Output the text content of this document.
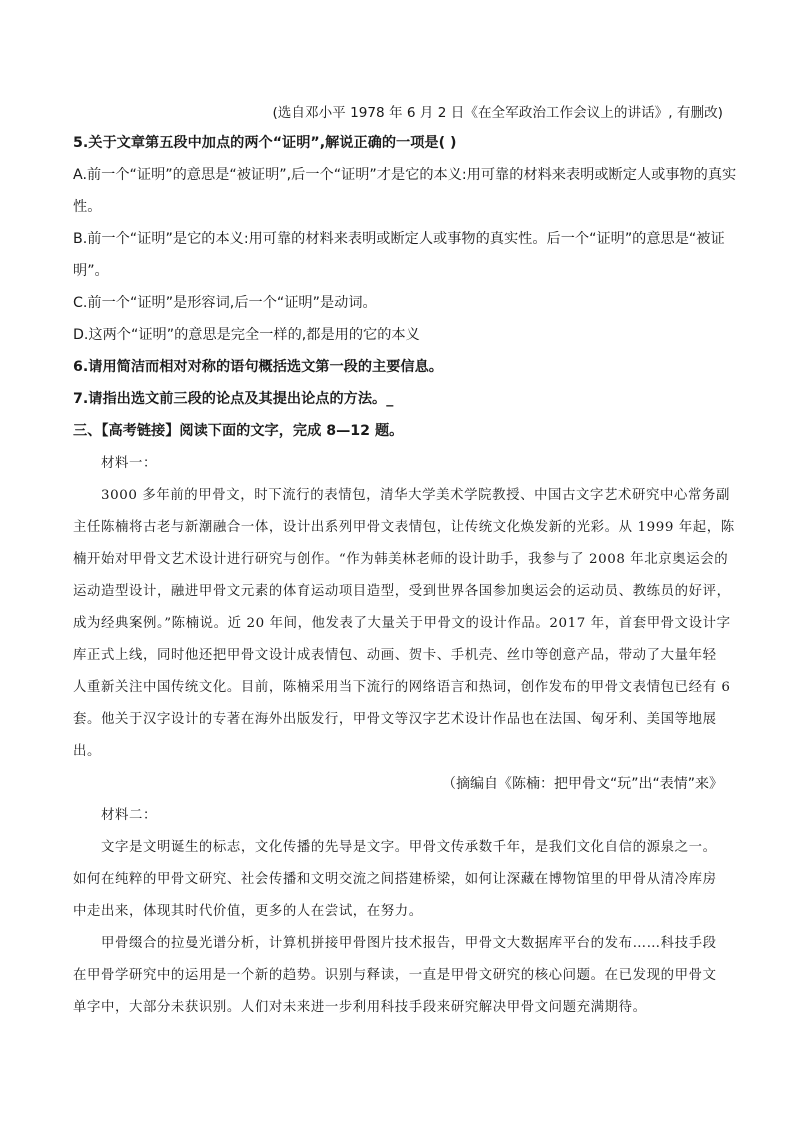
(选自邓小平 1978 年 6 月 2 日《在全军政治工作会议上的讲话》, 有删改)
5.关于文章第五段中加点的两个“证明”,解说正确的一项是( )
A.前一个“证明”的意思是“被证明”,后一个“证明”才是它的本义:用可靠的材料来表明或断定人或事物的真实
性。
B.前一个“证明”是它的本义:用可靠的材料来表明或断定人或事物的真实性。后一个“证明”的意思是“被证
明”。
C.前一个“证明”是形容词,后一个“证明”是动词。
D.这两个“证明”的意思是完全一样的,都是用的它的本义
6.请用简洁而相对对称的语句概括选文第一段的主要信息。
7.请指出选文前三段的论点及其提出论点的方法。_
三、【高考链接】阅读下面的文字，完成 8—12 题。
材料一：
3000 多年前的甲骨文，时下流行的表情包，清华大学美术学院教授、中国古文字艺术研究中心常务副
主任陈楠将古老与新潮融合一体，设计出系列甲骨文表情包，让传统文化焕发新的光彩。从 1999 年起，陈
楠开始对甲骨文艺术设计进行研究与创作。“作为韩美林老师的设计助手，我参与了 2008 年北京奥运会的
运动造型设计，融进甲骨文元素的体育运动项目造型，受到世界各国参加奥运会的运动员、教练员的好评，
成为经典案例。”陈楠说。近 20 年间，他发表了大量关于甲骨文的设计作品。2017 年，首套甲骨文设计字
库正式上线，同时他还把甲骨文设计成表情包、动画、贺卡、手机壳、丝巾等创意产品，带动了大量年轻
人重新关注中国传统文化。目前，陈楠采用当下流行的网络语言和热词，创作发布的甲骨文表情包已经有 6
套。他关于汉字设计的专著在海外出版发行，甲骨文等汉字艺术设计作品也在法国、匈牙利、美国等地展
出。
（摘编自《陈楠：把甲骨文“玩”出“表情”来》
材料二：
文字是文明诞生的标志，文化传播的先导是文字。甲骨文传承数千年，是我们文化自信的源泉之一。
如何在纯粹的甲骨文研究、社会传播和文明交流之间搭建桥梁，如何让深藏在博物馆里的甲骨从清冷库房
中走出来，体现其时代价值，更多的人在尝试，在努力。
甲骨缀合的拉曼光谱分析，计算机拼接甲骨图片技术报告，甲骨文大数据库平台的发布……科技手段
在甲骨学研究中的运用是一个新的趋势。识别与释读，一直是甲骨文研究的核心问题。在已发现的甲骨文
单字中，大部分未获识别。人们对未来进一步利用科技手段来研究解决甲骨文问题充满期待。
